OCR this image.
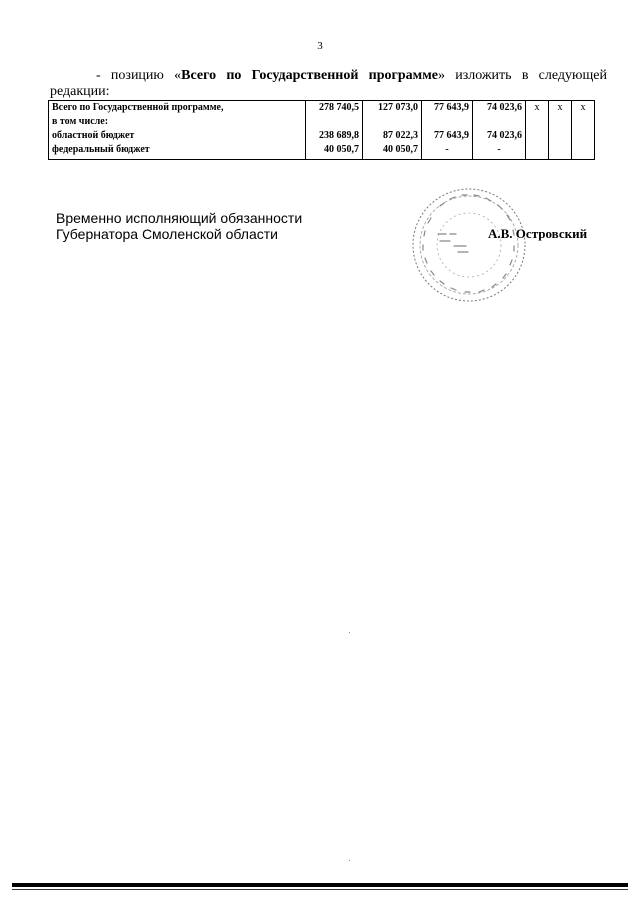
3
- позицию «Всего по Государственной программе» изложить в следующей
редакции:
Всего по Государственной программе,	278 740,5	127 073,0	77 643,9	74 023,6	х	х	х
в том числе:							
областной бюджет	238 689,8	87 022,3	77 643,9	74 023,6			
федеральный бюджет	40 050,7	40 050,7	-	-			
Временно исполняющий обязанности
Губернатора Смоленской области	А.В. Островский
